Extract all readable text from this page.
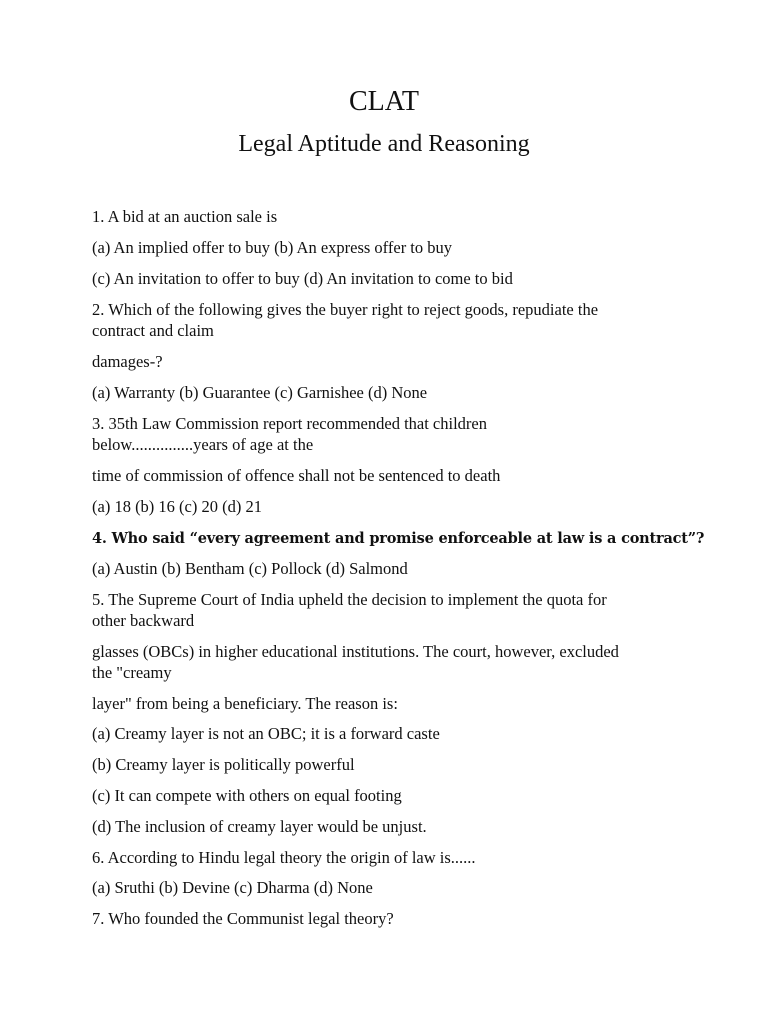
CLAT
Legal Aptitude and Reasoning
1. A bid at an auction sale is
(a) An implied offer to buy (b) An express offer to buy
(c) An invitation to offer to buy (d) An invitation to come to bid
2. Which of the following gives the buyer right to reject goods, repudiate the
contract and claim
damages-?
(a) Warranty (b) Guarantee (c) Garnishee (d) None
3. 35th Law Commission report recommended that children
below...............years of age at the
time of commission of offence shall not be sentenced to death
(a) 18 (b) 16 (c) 20 (d) 21
4. Who said “every agreement and promise enforceable at law is a contract”?
(a) Austin (b) Bentham (c) Pollock (d) Salmond
5. The Supreme Court of India upheld the decision to implement the quota for
other backward
glasses (OBCs) in higher educational institutions. The court, however, excluded
the "creamy
layer" from being a beneficiary. The reason is:
(a) Creamy layer is not an OBC; it is a forward caste
(b) Creamy layer is politically powerful
(c) It can compete with others on equal footing
(d) The inclusion of creamy layer would be unjust.
6. According to Hindu legal theory the origin of law is......
(a) Sruthi (b) Devine (c) Dharma (d) None
7. Who founded the Communist legal theory?
